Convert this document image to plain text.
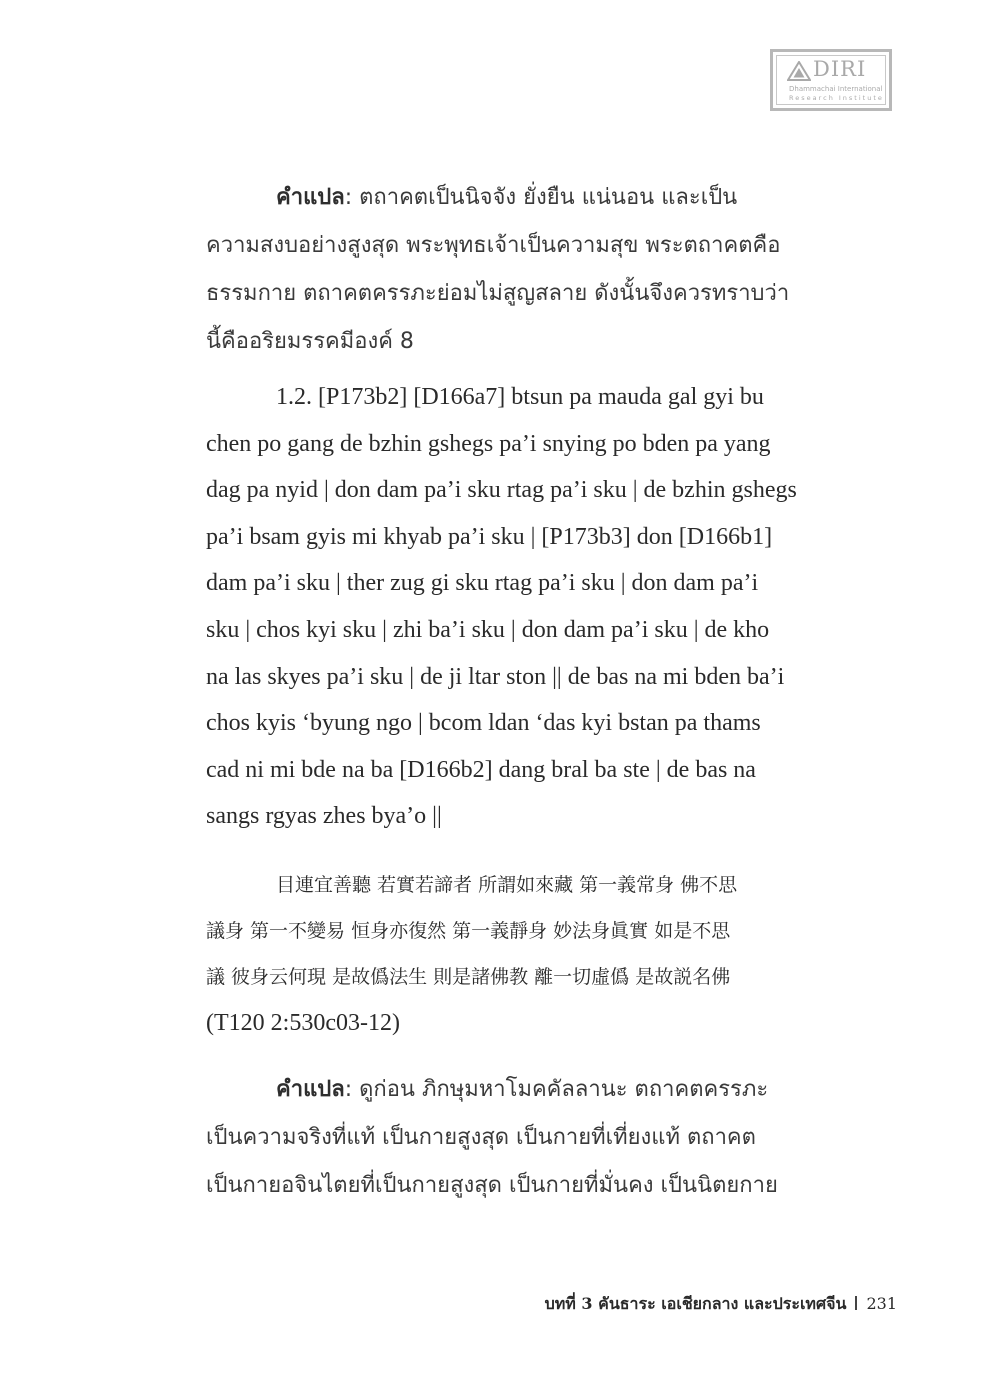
DIRI
Dhammachai International
Research Institute
คำแปล: ตถาคตเป็นนิจจัง ยั่งยืน แน่นอน และเป็น
ความสงบอย่างสูงสุด พระพุทธเจ้าเป็นความสุข พระตถาคตคือ
ธรรมกาย ตถาคตครรภะย่อมไม่สูญสลาย ดังนั้นจึงควรทราบว่า
นี้คืออริยมรรคมีองค์ 8
1.2. [P173b2] [D166a7] btsun pa mauda gal gyi bu
chen po gang de bzhin gshegs pa’i snying po bden pa yang
dag pa nyid | don dam pa’i sku rtag pa’i sku | de bzhin gshegs
pa’i bsam gyis mi khyab pa’i sku | [P173b3] don [D166b1]
dam pa’i sku | ther zug gi sku rtag pa’i sku | don dam pa’i
sku | chos kyi sku | zhi ba’i sku | don dam pa’i sku | de kho
na las skyes pa’i sku | de ji ltar ston || de bas na mi bden ba’i
chos kyis ‘byung ngo | bcom ldan ‘das kyi bstan pa thams
cad ni mi bde na ba [D166b2] dang bral ba ste | de bas na
sangs rgyas zhes bya’o ||
目連宜善聽 若實若諦者 所謂如來藏 第一義常身 佛不思
議身 第一不變易 恒身亦復然 第一義靜身 妙法身眞實 如是不思
議 彼身云何現 是故僞法生 則是諸佛教 離一切虛僞 是故説名佛
(T120 2:530c03-12)
คำแปล: ดูก่อน ภิกษุมหาโมคคัลลานะ ตถาคตครรภะ
เป็นความจริงที่แท้ เป็นกายสูงสุด เป็นกายที่เที่ยงแท้ ตถาคต
เป็นกายอจินไตยที่เป็นกายสูงสุด เป็นกายที่มั่นคง เป็นนิตยกาย
บทที่ 3 คันธาระ เอเชียกลาง และประเทศจีน 231
